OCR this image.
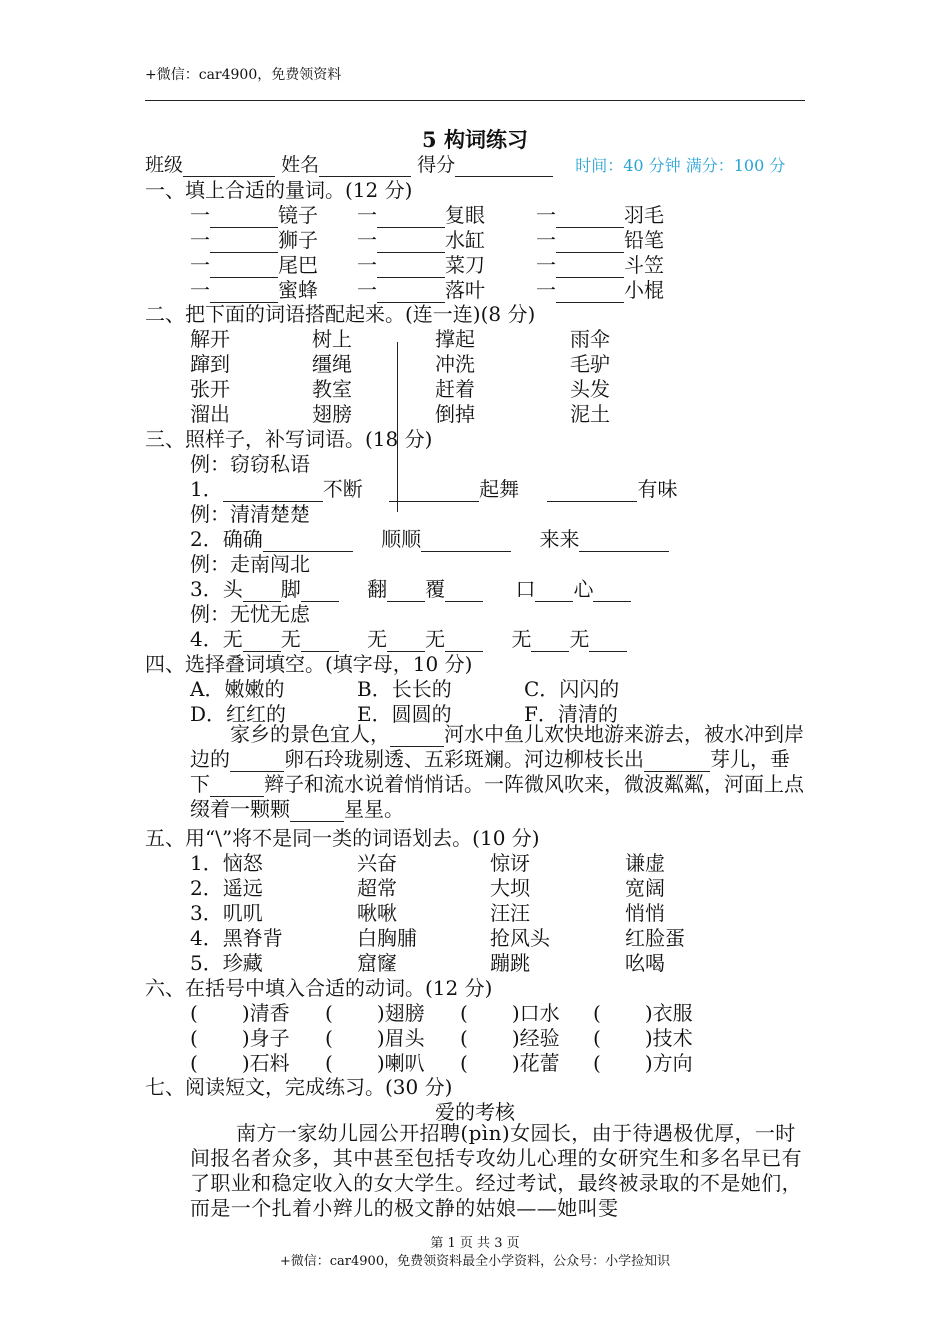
+微信：car4900，免费领资料
5 构词练习
班级	姓名	得分	时间：40 分钟 满分：100 分
一、填上合适的量词。(12 分)
一	镜子 一	复眼	一	羽毛
一	狮子 一	水缸	一	铅笔
一	尾巴 一	菜刀	一	斗笠
一	蜜蜂 一	落叶	一	小棍
二、把下面的词语搭配起来。(连一连)(8 分)
解开	树上	撑起	雨伞
蹿到	缰绳	冲洗	毛驴
张开	教室	赶着	头发
溜出	翅膀	倒掉	泥土
三、照样子，补写词语。(18 分)
例：窃窃私语
1．	不断	起舞	有味
例：清清楚楚
2．确确	顺顺	来来
例：走南闯北
3．头 脚	翻 覆	口 心
例：无忧无虑
4．无 无	无 无	无 无
四、选择叠词填空。(填字母，10 分)
A．嫩嫩的	B．长长的	C．闪闪的
D．红红的	E．圆圆的	F．清清的
家乡的景色宜人，	河水中鱼儿欢快地游来游去，被水冲到岸边的	卵石玲珑剔透、五彩斑斓。河边柳枝长出	芽儿，垂下	辫子和流水说着悄悄话。一阵微风吹来，微波粼粼，河面上点缀着一颗颗	星星。
五、用“\”将不是同一类的词语划去。(10 分)
1．恼怒	兴奋	惊讶	谦虚
2．遥远	超常	大坝	宽阔
3．叽叽	啾啾	汪汪	悄悄
4．黑脊背	白胸脯	抢风头	红脸蛋
5．珍藏	窟窿	蹦跳	吆喝
六、在括号中填入合适的动词。(12 分)
( )清香 ( )翅膀 ( )口水 ( )衣服
( )身子 ( )眉头 ( )经验 ( )技术
( )石料 ( )喇叭 ( )花蕾 ( )方向
七、阅读短文，完成练习。(30 分)
爱的考核
南方一家幼儿园公开招聘(pìn)女园长，由于待遇极优厚，一时间报名者众多，其中甚至包括专攻幼儿心理的女研究生和多名早已有了职业和稳定收入的女大学生。经过考试，最终被录取的不是她们，而是一个扎着小辫儿的极文静的姑娘——她叫雯
第 1 页 共 3 页
+微信：car4900，免费领资料最全小学资料，公众号：小学捡知识
